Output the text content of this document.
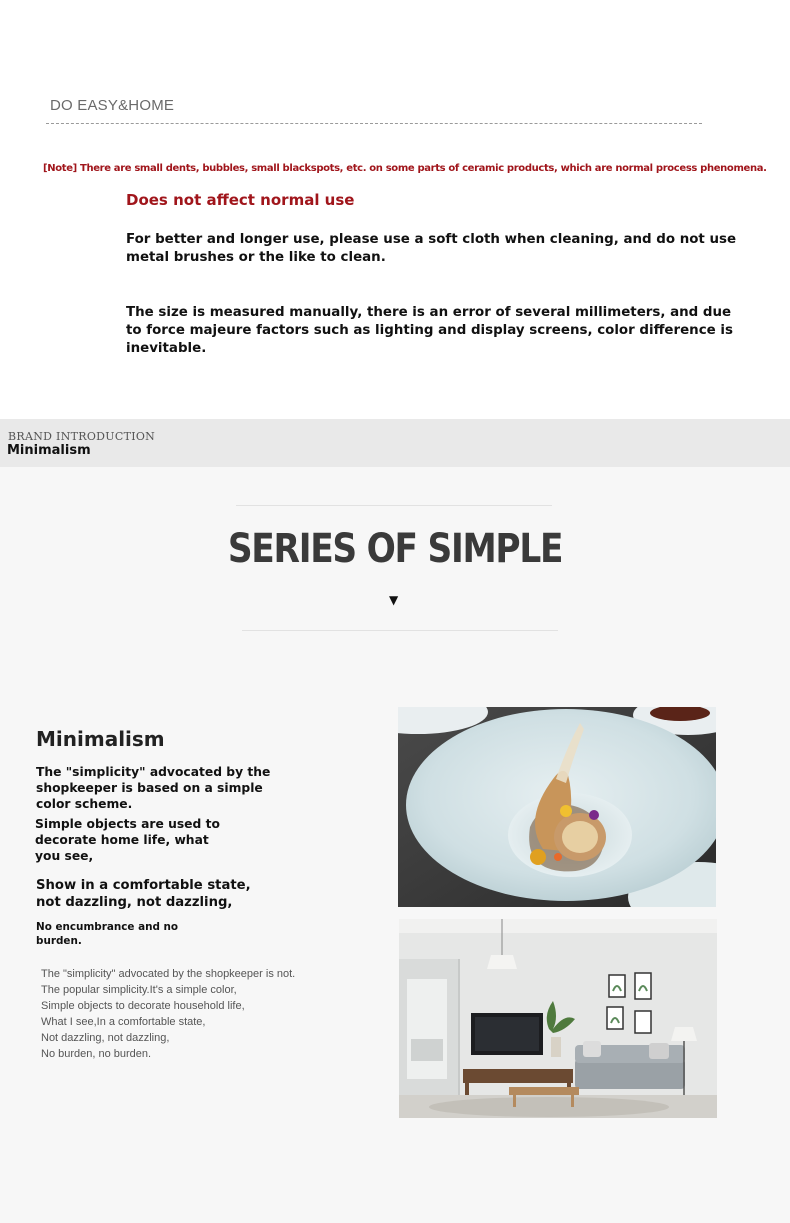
DO EASY&HOME
[Note] There are small dents, bubbles, small blackspots, etc. on some parts of ceramic products, which are normal process phenomena.
Does not affect normal use
For better and longer use, please use a soft cloth when cleaning, and do not use metal brushes or the like to clean.
The size is measured manually, there is an error of several millimeters, and due to force majeure factors such as lighting and display screens, color difference is inevitable.
BRAND INTRODUCTION
Minimalism
SERIES OF SIMPLE
▼
Minimalism
The "simplicity" advocated by the shopkeeper is based on a simple color scheme.
Simple objects are used to decorate home life, what you see,
Show in a comfortable state, not dazzling, not dazzling,
No encumbrance and no burden.
The "simplicity" advocated by the shopkeeper is not.
The popular simplicity.It's a simple color,
Simple objects to decorate household life,
What I see,In a comfortable state,
Not dazzling, not dazzling,
No burden, no burden.
